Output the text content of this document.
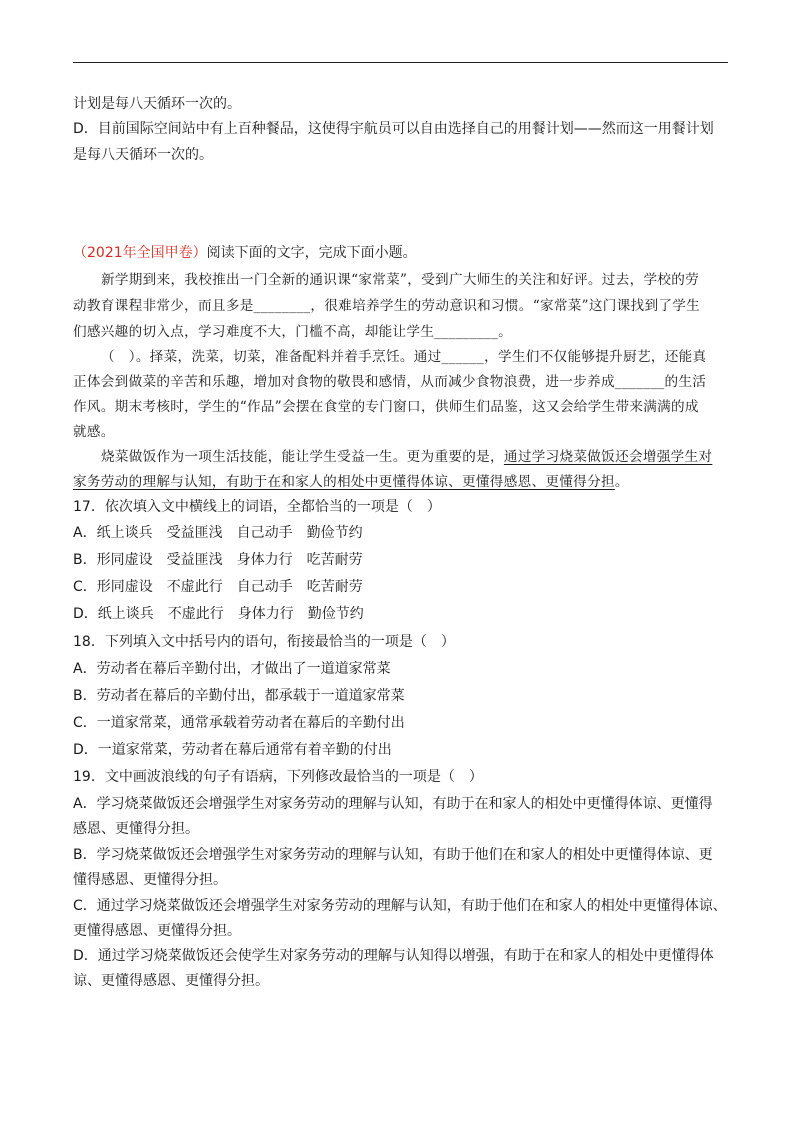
计划是每八天循环一次的。
D．目前国际空间站中有上百种餐品，这使得宇航员可以自由选择自己的用餐计划——然而这一用餐计划
是每八天循环一次的。
（2021年全国甲卷）阅读下面的文字，完成下面小题。
新学期到来，我校推出一门全新的通识课“家常菜”，受到广大师生的关注和好评。过去，学校的劳
动教育课程非常少，而且多是________，很难培养学生的劳动意识和习惯。“家常菜”这门课找到了学生
们感兴趣的切入点，学习难度不大，门槛不高，却能让学生_________。
（　）。择菜，洗菜，切菜，准备配料并着手烹饪。通过______，学生们不仅能够提升厨艺，还能真
正体会到做菜的辛苦和乐趣，增加对食物的敬畏和感情，从而减少食物浪费，进一步养成_______的生活
作风。期末考核时，学生的“作品”会摆在食堂的专门窗口，供师生们品鉴，这又会给学生带来满满的成
就感。
烧菜做饭作为一项生活技能，能让学生受益一生。更为重要的是，通过学习烧菜做饭还会增强学生对
家务劳动的理解与认知，有助于在和家人的相处中更懂得体谅、更懂得感恩、更懂得分担。
17．依次填入文中横线上的词语，全都恰当的一项是（　）
A．纸上谈兵　受益匪浅　自己动手　勤俭节约
B．形同虚设　受益匪浅　身体力行　吃苦耐劳
C．形同虚设　不虚此行　自己动手　吃苦耐劳
D．纸上谈兵　不虚此行　身体力行　勤俭节约
18．下列填入文中括号内的语句，衔接最恰当的一项是（　）
A．劳动者在幕后辛勤付出，才做出了一道道家常菜
B．劳动者在幕后的辛勤付出，都承载于一道道家常菜
C．一道家常菜，通常承载着劳动者在幕后的辛勤付出
D．一道家常菜，劳动者在幕后通常有着辛勤的付出
19．文中画波浪线的句子有语病，下列修改最恰当的一项是（　）
A．学习烧菜做饭还会增强学生对家务劳动的理解与认知，有助于在和家人的相处中更懂得体谅、更懂得
感恩、更懂得分担。
B．学习烧菜做饭还会增强学生对家务劳动的理解与认知，有助于他们在和家人的相处中更懂得体谅、更
懂得感恩、更懂得分担。
C．通过学习烧菜做饭还会增强学生对家务劳动的理解与认知，有助于他们在和家人的相处中更懂得体谅、
更懂得感恩、更懂得分担。
D．通过学习烧菜做饭还会使学生对家务劳动的理解与认知得以增强，有助于在和家人的相处中更懂得体
谅、更懂得感恩、更懂得分担。
